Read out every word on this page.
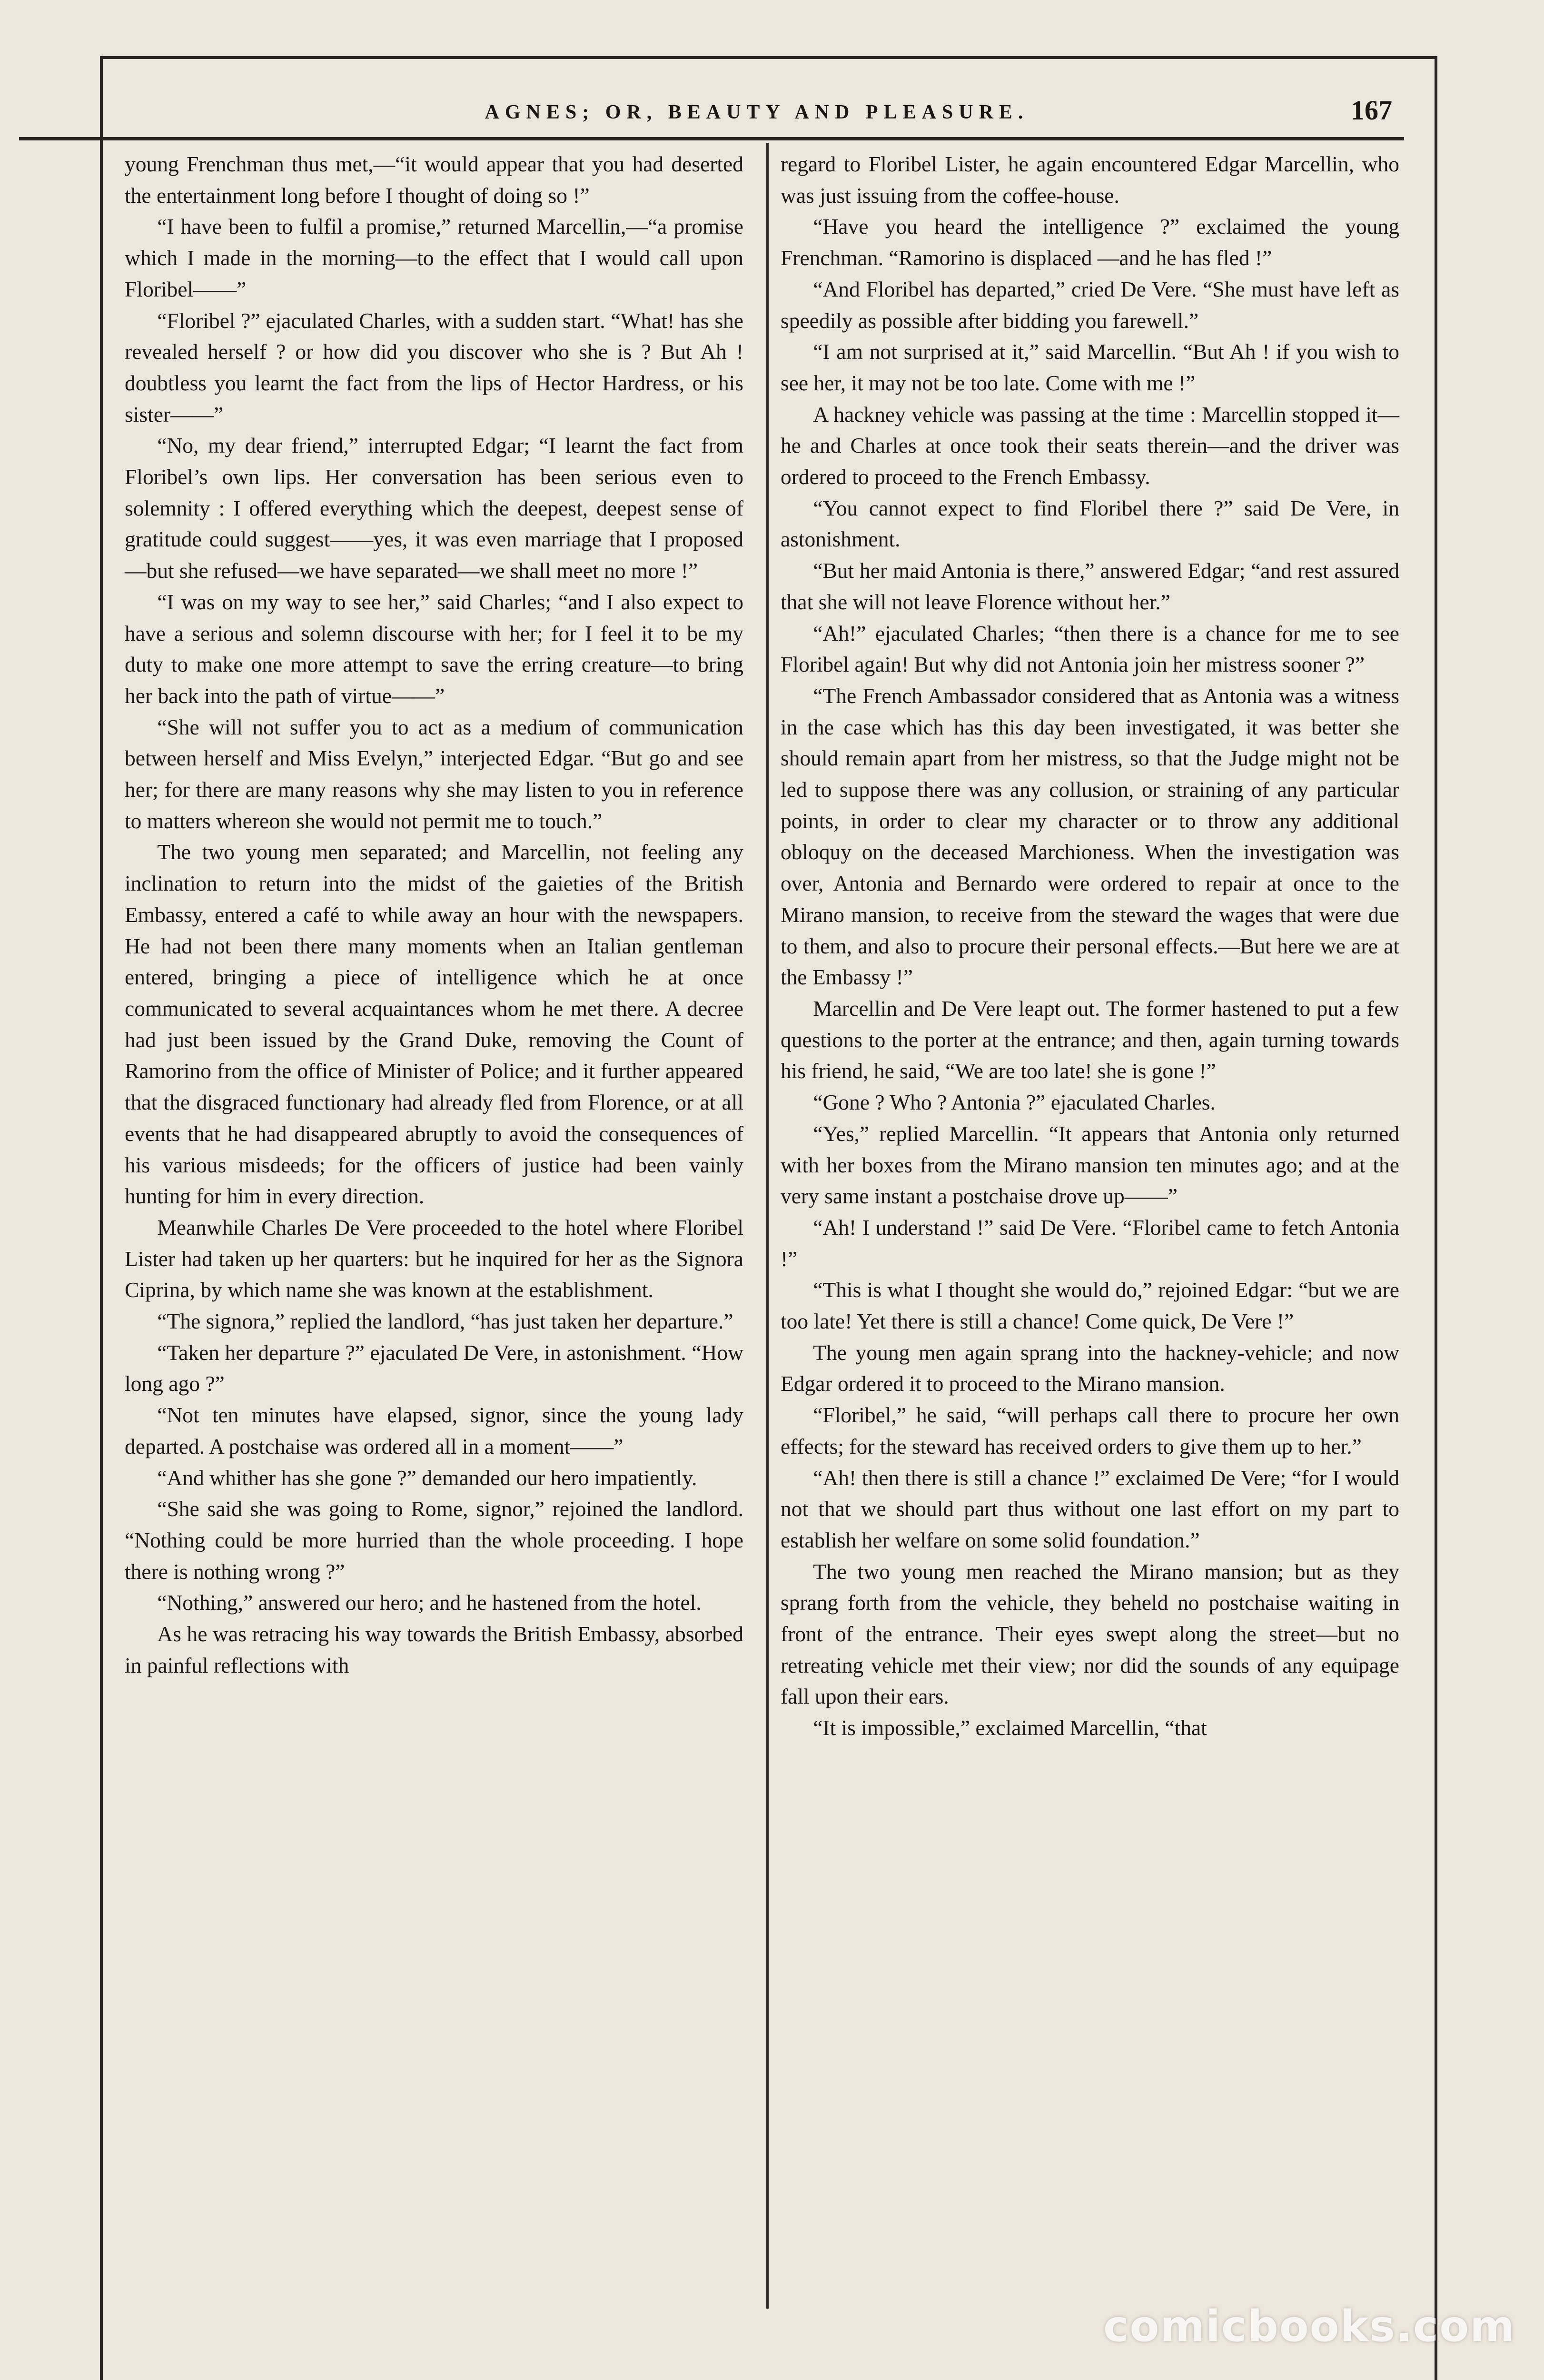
AGNES; OR, BEAUTY AND PLEASURE.	167

young Frenchman thus met,—“it would appear that you had deserted the entertainment long before I thought of doing so !”

“I have been to fulfil a promise,” returned Marcellin,—“a promise which I made in the morning—to the effect that I would call upon Floribel——”

“Floribel ?” ejaculated Charles, with a sudden start. “What! has she revealed herself ? or how did you discover who she is ? But Ah ! doubtless you learnt the fact from the lips of Hector Hardress, or his sister——”

“No, my dear friend,” interrupted Edgar; “I learnt the fact from Floribel’s own lips. Her conversation has been serious even to solemnity : I offered everything which the deepest, deepest sense of gratitude could suggest——yes, it was even marriage that I proposed—but she refused—we have separated—we shall meet no more !”

“I was on my way to see her,” said Charles; “and I also expect to have a serious and solemn discourse with her; for I feel it to be my duty to make one more attempt to save the erring creature—to bring her back into the path of virtue——”

“She will not suffer you to act as a medium of communication between herself and Miss Evelyn,” interjected Edgar. “But go and see her; for there are many reasons why she may listen to you in reference to matters whereon she would not permit me to touch.”

The two young men separated; and Marcellin, not feeling any inclination to return into the midst of the gaieties of the British Embassy, entered a café to while away an hour with the newspapers. He had not been there many moments when an Italian gentleman entered, bringing a piece of intelligence which he at once communicated to several acquaintances whom he met there. A decree had just been issued by the Grand Duke, removing the Count of Ramorino from the office of Minister of Police; and it further appeared that the disgraced functionary had already fled from Florence, or at all events that he had disappeared abruptly to avoid the consequences of his various misdeeds; for the officers of justice had been vainly hunting for him in every direction.

Meanwhile Charles De Vere proceeded to the hotel where Floribel Lister had taken up her quarters: but he inquired for her as the Signora Ciprina, by which name she was known at the establishment.

“The signora,” replied the landlord, “has just taken her departure.”

“Taken her departure ?” ejaculated De Vere, in astonishment. “How long ago ?”

“Not ten minutes have elapsed, signor, since the young lady departed. A postchaise was ordered all in a moment——”

“And whither has she gone ?” demanded our hero impatiently.

“She said she was going to Rome, signor,” rejoined the landlord. “Nothing could be more hurried than the whole proceeding. I hope there is nothing wrong ?”

“Nothing,” answered our hero; and he hastened from the hotel.

As he was retracing his way towards the British Embassy, absorbed in painful reflections with

regard to Floribel Lister, he again encountered Edgar Marcellin, who was just issuing from the coffee-house.

“Have you heard the intelligence ?” exclaimed the young Frenchman. “Ramorino is displaced —and he has fled !”

“And Floribel has departed,” cried De Vere. “She must have left as speedily as possible after bidding you farewell.”

“I am not surprised at it,” said Marcellin. “But Ah ! if you wish to see her, it may not be too late. Come with me !”

A hackney vehicle was passing at the time : Marcellin stopped it—he and Charles at once took their seats therein—and the driver was ordered to proceed to the French Embassy.

“You cannot expect to find Floribel there ?” said De Vere, in astonishment.

“But her maid Antonia is there,” answered Edgar; “and rest assured that she will not leave Florence without her.”

“Ah!” ejaculated Charles; “then there is a chance for me to see Floribel again! But why did not Antonia join her mistress sooner ?”

“The French Ambassador considered that as Antonia was a witness in the case which has this day been investigated, it was better she should remain apart from her mistress, so that the Judge might not be led to suppose there was any collusion, or straining of any particular points, in order to clear my character or to throw any additional obloquy on the deceased Marchioness. When the investigation was over, Antonia and Bernardo were ordered to repair at once to the Mirano mansion, to receive from the steward the wages that were due to them, and also to procure their personal effects.—But here we are at the Embassy !”

Marcellin and De Vere leapt out. The former hastened to put a few questions to the porter at the entrance; and then, again turning towards his friend, he said, “We are too late! she is gone !”

“Gone ? Who ? Antonia ?” ejaculated Charles.

“Yes,” replied Marcellin. “It appears that Antonia only returned with her boxes from the Mirano mansion ten minutes ago; and at the very same instant a postchaise drove up——”

“Ah! I understand !” said De Vere. “Floribel came to fetch Antonia !”

“This is what I thought she would do,” rejoined Edgar: “but we are too late! Yet there is still a chance! Come quick, De Vere !”

The young men again sprang into the hackney-vehicle; and now Edgar ordered it to proceed to the Mirano mansion.

“Floribel,” he said, “will perhaps call there to procure her own effects; for the steward has received orders to give them up to her.”

“Ah! then there is still a chance !” exclaimed De Vere; “for I would not that we should part thus without one last effort on my part to establish her welfare on some solid foundation.”

The two young men reached the Mirano mansion; but as they sprang forth from the vehicle, they beheld no postchaise waiting in front of the entrance. Their eyes swept along the street—but no retreating vehicle met their view; nor did the sounds of any equipage fall upon their ears.

“It is impossible,” exclaimed Marcellin, “that

comicbooks.com
